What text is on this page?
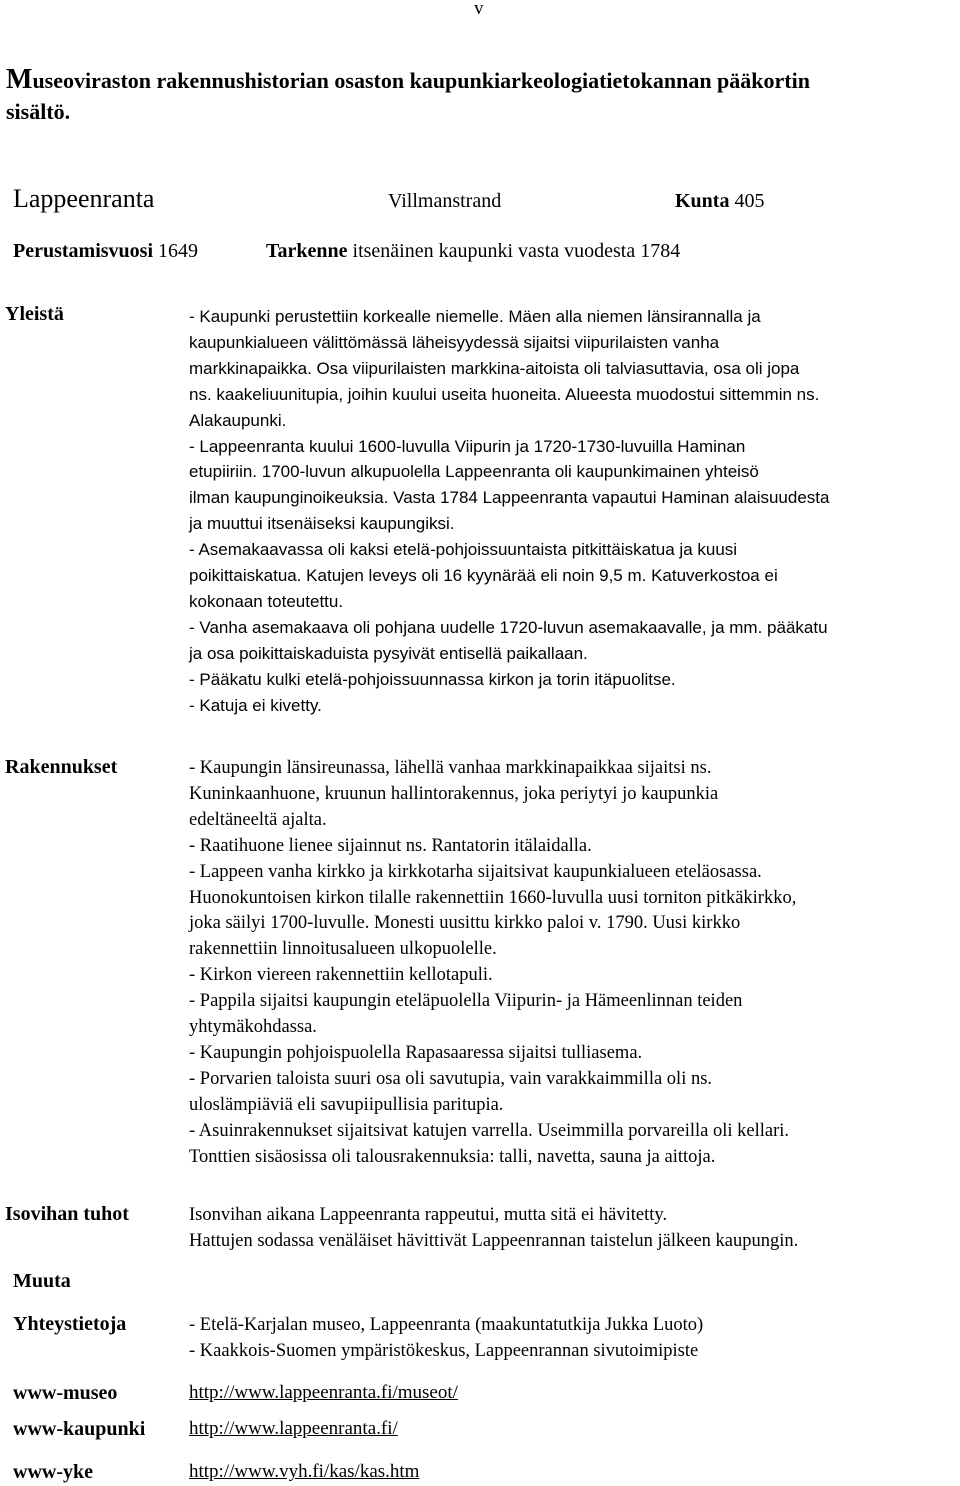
v
Museoviraston rakennushistorian osaston kaupunkiarkeologiatietokannan pääkortin
sisältö.
Lappeenranta	Villmanstrand	Kunta 405
Perustamisvuosi 1649	Tarkenne itsenäinen kaupunki vasta vuodesta 1784
Yleistä	- Kaupunki perustettiin korkealle niemelle. Mäen alla niemen länsirannalla ja
kaupunkialueen välittömässä läheisyydessä sijaitsi viipurilaisten vanha
markkinapaikka. Osa viipurilaisten markkina-aitoista oli talviasuttavia, osa oli jopa
ns. kaakeliuunitupia, joihin kuului useita huoneita. Alueesta muodostui sittemmin ns.
Alakaupunki.
- Lappeenranta kuului 1600-luvulla Viipurin ja 1720-1730-luvuilla Haminan
etupiiriin. 1700-luvun alkupuolella Lappeenranta oli kaupunkimainen yhteisö
ilman kaupunginoikeuksia. Vasta 1784 Lappeenranta vapautui Haminan alaisuudesta
ja muuttui itsenäiseksi kaupungiksi.
- Asemakaavassa oli kaksi etelä-pohjoissuuntaista pitkittäiskatua ja kuusi
poikittaiskatua. Katujen leveys oli 16 kyynärää eli noin 9,5 m. Katuverkostoa ei
kokonaan toteutettu.
- Vanha asemakaava oli pohjana uudelle 1720-luvun asemakaavalle, ja mm. pääkatu
ja osa poikittaiskaduista pysyivät entisellä paikallaan.
- Pääkatu kulki etelä-pohjoissuunnassa kirkon ja torin itäpuolitse.
- Katuja ei kivetty.
Rakennukset	- Kaupungin länsireunassa, lähellä vanhaa markkinapaikkaa sijaitsi ns.
Kuninkaanhuone, kruunun hallintorakennus, joka periytyi jo kaupunkia
edeltäneeltä ajalta.
- Raatihuone lienee sijainnut ns. Rantatorin itälaidalla.
- Lappeen vanha kirkko ja kirkkotarha sijaitsivat kaupunkialueen eteläosassa.
Huonokuntoisen kirkon tilalle rakennettiin 1660-luvulla uusi torniton pitkäkirkko,
joka säilyi 1700-luvulle. Monesti uusittu kirkko paloi v. 1790. Uusi kirkko
rakennettiin linnoitusalueen ulkopuolelle.
- Kirkon viereen rakennettiin kellotapuli.
- Pappila sijaitsi kaupungin eteläpuolella Viipurin- ja Hämeenlinnan teiden
yhtymäkohdassa.
- Kaupungin pohjoispuolella Rapasaaressa sijaitsi tulliasema.
- Porvarien taloista suuri osa oli savutupia, vain varakkaimmilla oli ns.
uloslämpiäviä eli savupiipullisia paritupia.
- Asuinrakennukset sijaitsivat katujen varrella. Useimmilla porvareilla oli kellari.
Tonttien sisäosissa oli talousrakennuksia: talli, navetta, sauna ja aittoja.
Isovihan tuhot	Isonvihan aikana Lappeenranta rappeutui, mutta sitä ei hävitetty.
Hattujen sodassa venäläiset hävittivät Lappeenrannan taistelun jälkeen kaupungin.
Muuta
Yhteystietoja	- Etelä-Karjalan museo, Lappeenranta (maakuntatutkija Jukka Luoto)
- Kaakkois-Suomen ympäristökeskus, Lappeenrannan sivutoimipiste
www-museo	http://www.lappeenranta.fi/museot/
www-kaupunki http://www.lappeenranta.fi/
www-yke	http://www.vyh.fi/kas/kas.htm
